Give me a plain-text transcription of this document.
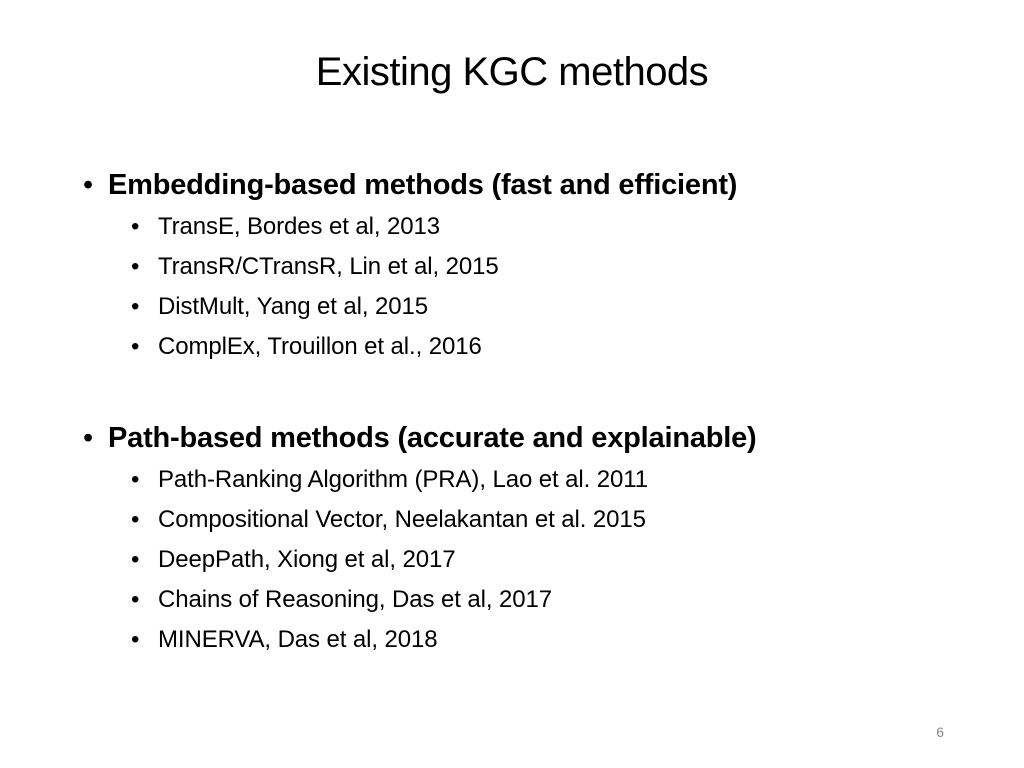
Existing KGC methods
• Embedding-based methods (fast and efficient)
• TransE, Bordes et al, 2013
• TransR/CTransR, Lin et al, 2015
• DistMult, Yang et al, 2015
• ComplEx, Trouillon et al., 2016
• Path-based methods (accurate and explainable)
• Path-Ranking Algorithm (PRA), Lao et al. 2011
• Compositional Vector, Neelakantan et al. 2015
• DeepPath, Xiong et al, 2017
• Chains of Reasoning, Das et al, 2017
• MINERVA, Das et al, 2018
6
